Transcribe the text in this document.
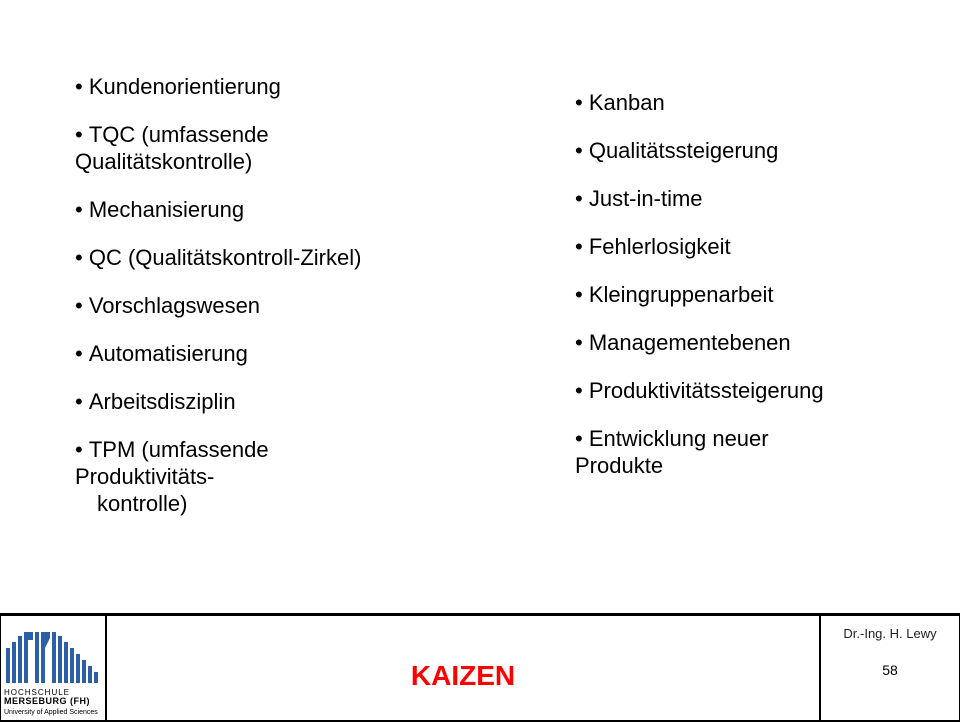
• Kundenorientierung
• TQC (umfassende
Qualitätskontrolle)
• Mechanisierung
• QC (Qualitätskontroll-Zirkel)
• Vorschlagswesen
• Automatisierung
• Arbeitsdisziplin
• TPM (umfassende
Produktivitäts-
kontrolle)
• Kanban
• Qualitätssteigerung
• Just-in-time
• Fehlerlosigkeit
• Kleingruppenarbeit
• Managementebenen
• Produktivitätssteigerung
• Entwicklung neuer
Produkte
HOCHSCHULE
MERSEBURG (FH)
University of Applied Sciences
KAIZEN
Dr.-Ing. H. Lewy
58
